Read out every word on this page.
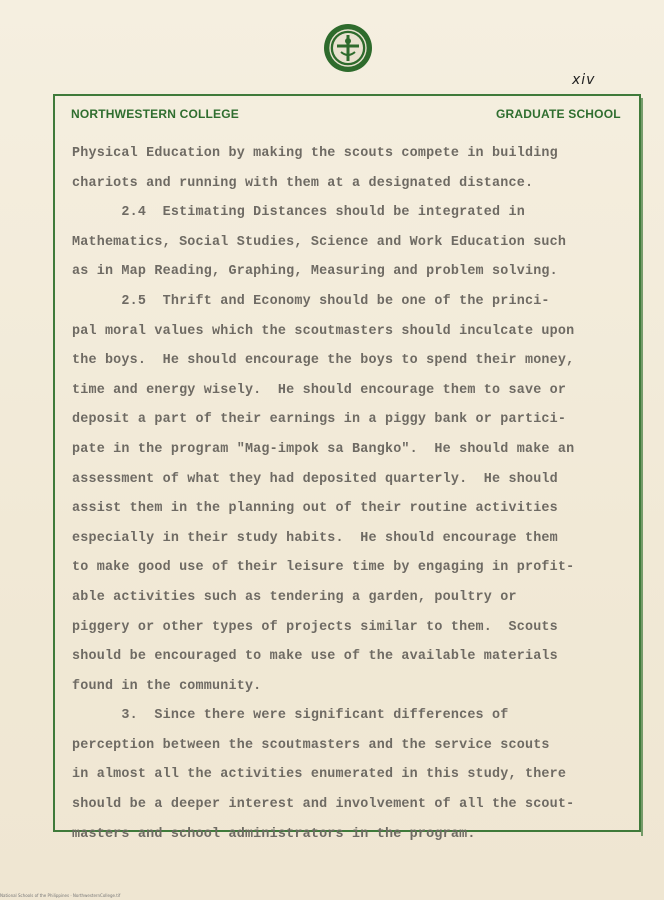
xiv
NORTHWESTERN COLLEGE	GRADUATE SCHOOL
Physical Education by making the scouts compete in building
chariots and running with them at a designated distance.
2.4  Estimating Distances should be integrated in
Mathematics, Social Studies, Science and Work Education such
as in Map Reading, Graphing, Measuring and problem solving.
2.5  Thrift and Economy should be one of the princi-
pal moral values which the scoutmasters should inculcate upon
the boys.  He should encourage the boys to spend their money,
time and energy wisely.  He should encourage them to save or
deposit a part of their earnings in a piggy bank or partici-
pate in the program "Mag-impok sa Bangko".  He should make an
assessment of what they had deposited quarterly.  He should
assist them in the planning out of their routine activities
especially in their study habits.  He should encourage them
to make good use of their leisure time by engaging in profit-
able activities such as tendering a garden, poultry or
piggery or other types of projects similar to them.  Scouts
should be encouraged to make use of the available materials
found in the community.
3.  Since there were significant differences of
perception between the scoutmasters and the service scouts
in almost all the activities enumerated in this study, there
should be a deeper interest and involvement of all the scout-
masters and school administrators in the program.
National Schools of the Philippines · NorthwesternCollege.tif
